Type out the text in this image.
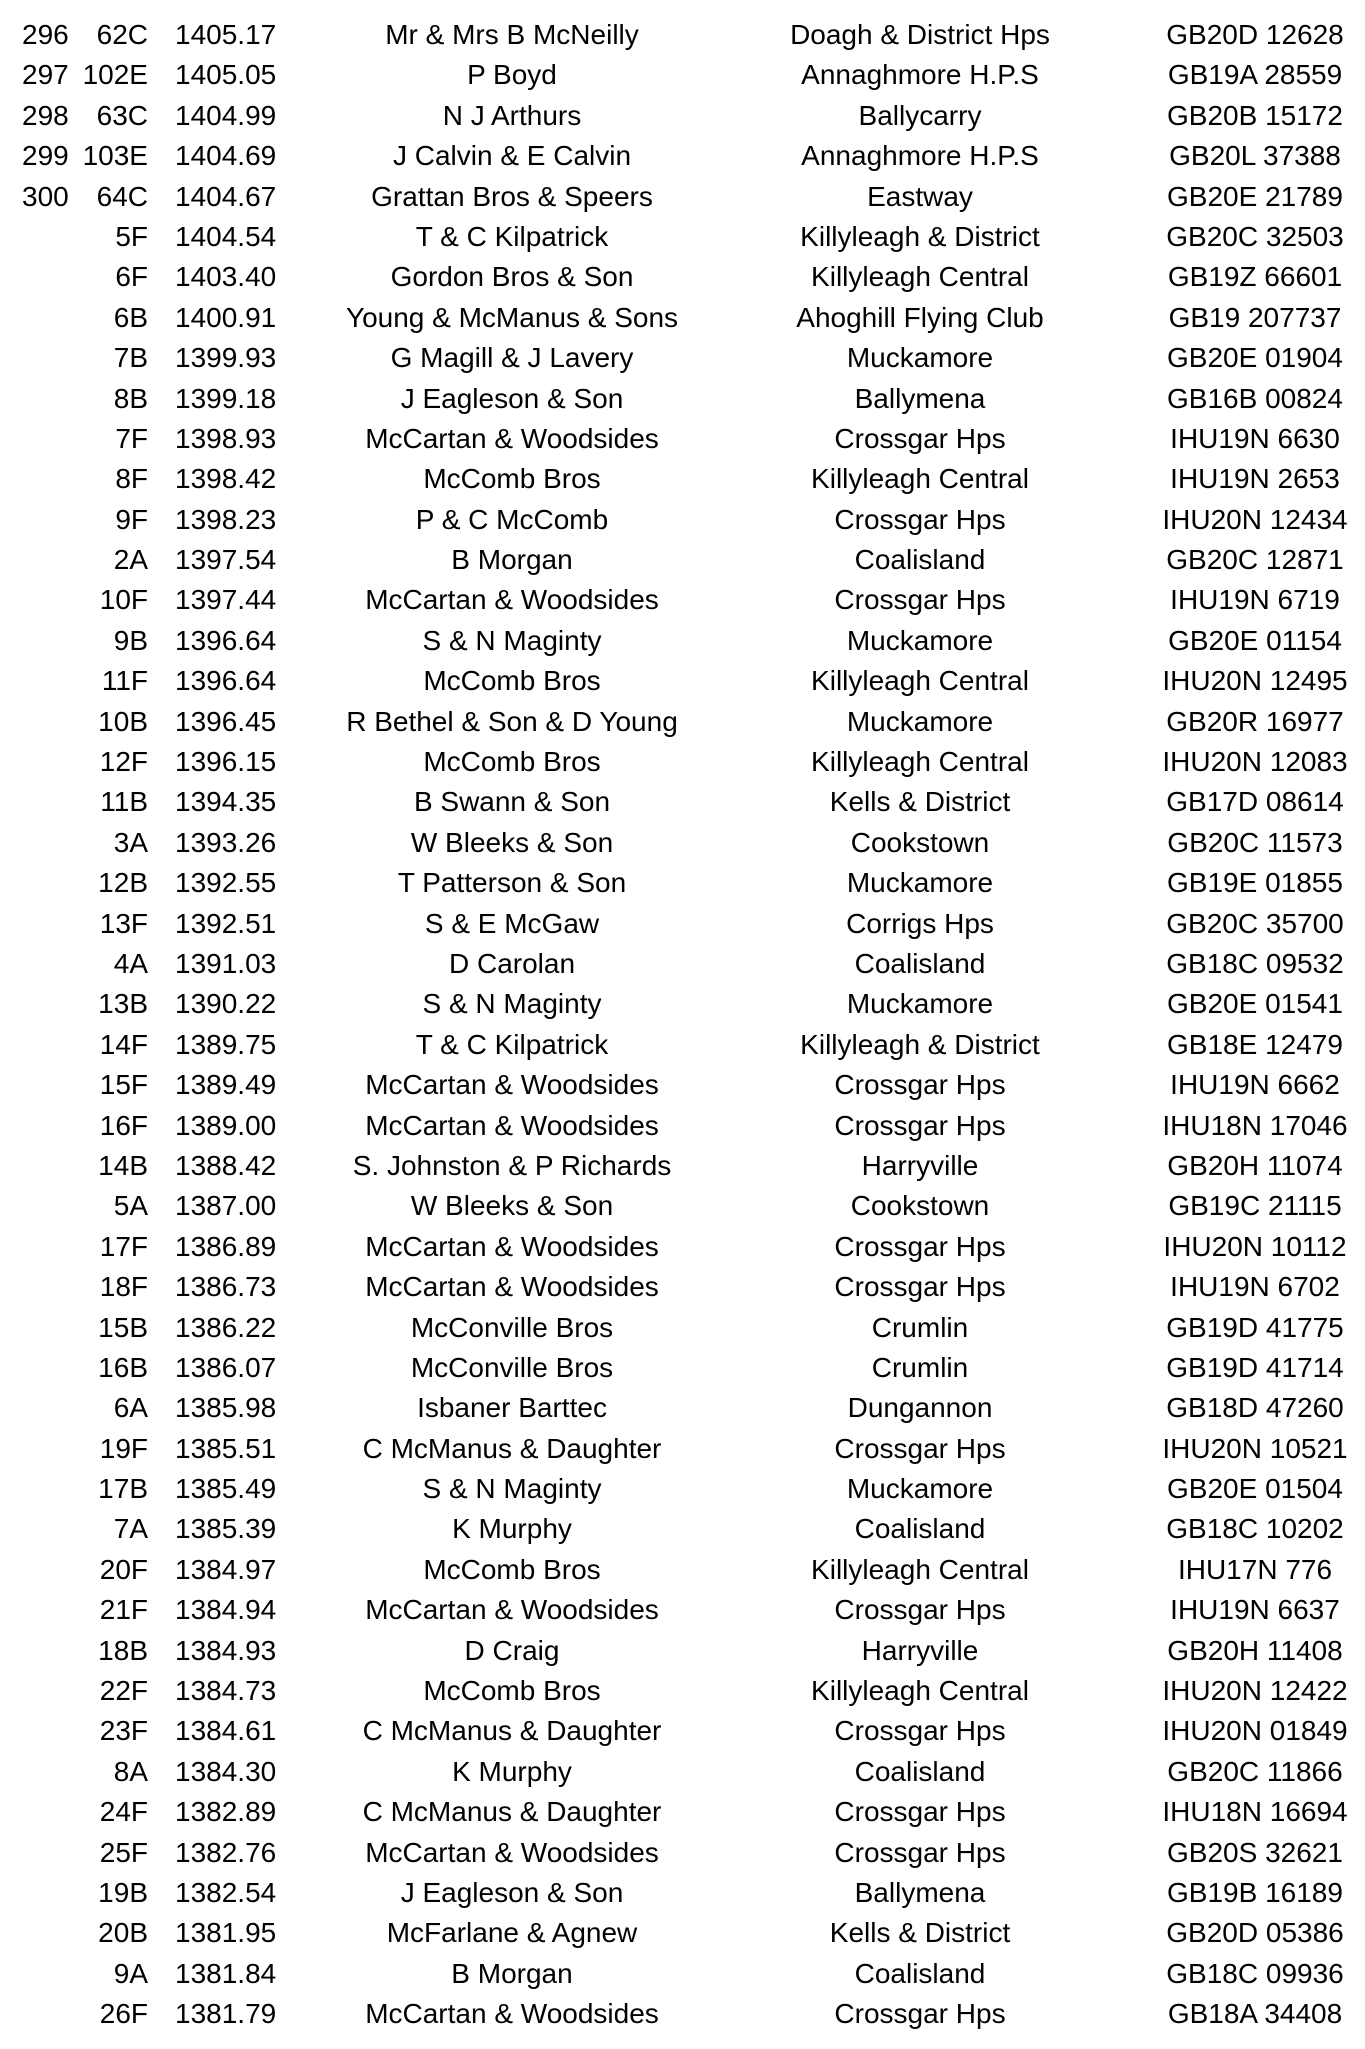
296 62C 1405.17	Mr & Mrs B McNeilly	Doagh & District Hps	GB20D 12628
297 102E 1405.05	P Boyd	Annaghmore H.P.S	GB19A 28559
298 63C 1404.99	N J Arthurs	Ballycarry	GB20B 15172
299 103E 1404.69	J Calvin & E Calvin	Annaghmore H.P.S	GB20L 37388
300 64C 1404.67	Grattan Bros & Speers	Eastway	GB20E 21789
5F 1404.54	T & C Kilpatrick	Killyleagh & District	GB20C 32503
6F 1403.40	Gordon Bros & Son	Killyleagh Central	GB19Z 66601
6B 1400.91	Young & McManus & Sons	Ahoghill Flying Club	GB19 207737
7B 1399.93	G Magill & J Lavery	Muckamore	GB20E 01904
8B 1399.18	J Eagleson & Son	Ballymena	GB16B 00824
7F 1398.93	McCartan & Woodsides	Crossgar Hps	IHU19N 6630
8F 1398.42	McComb Bros	Killyleagh Central	IHU19N 2653
9F 1398.23	P & C McComb	Crossgar Hps	IHU20N 12434
2A 1397.54	B Morgan	Coalisland	GB20C 12871
10F 1397.44	McCartan & Woodsides	Crossgar Hps	IHU19N 6719
9B 1396.64	S & N Maginty	Muckamore	GB20E 01154
11F 1396.64	McComb Bros	Killyleagh Central	IHU20N 12495
10B 1396.45	R Bethel & Son & D Young	Muckamore	GB20R 16977
12F 1396.15	McComb Bros	Killyleagh Central	IHU20N 12083
11B 1394.35	B Swann & Son	Kells & District	GB17D 08614
3A 1393.26	W Bleeks & Son	Cookstown	GB20C 11573
12B 1392.55	T Patterson & Son	Muckamore	GB19E 01855
13F 1392.51	S & E McGaw	Corrigs Hps	GB20C 35700
4A 1391.03	D Carolan	Coalisland	GB18C 09532
13B 1390.22	S & N Maginty	Muckamore	GB20E 01541
14F 1389.75	T & C Kilpatrick	Killyleagh & District	GB18E 12479
15F 1389.49	McCartan & Woodsides	Crossgar Hps	IHU19N 6662
16F 1389.00	McCartan & Woodsides	Crossgar Hps	IHU18N 17046
14B 1388.42	S. Johnston & P Richards	Harryville	GB20H 11074
5A 1387.00	W Bleeks & Son	Cookstown	GB19C 21115
17F 1386.89	McCartan & Woodsides	Crossgar Hps	IHU20N 10112
18F 1386.73	McCartan & Woodsides	Crossgar Hps	IHU19N 6702
15B 1386.22	McConville Bros	Crumlin	GB19D 41775
16B 1386.07	McConville Bros	Crumlin	GB19D 41714
6A 1385.98	Isbaner Barttec	Dungannon	GB18D 47260
19F 1385.51	C McManus & Daughter	Crossgar Hps	IHU20N 10521
17B 1385.49	S & N Maginty	Muckamore	GB20E 01504
7A 1385.39	K Murphy	Coalisland	GB18C 10202
20F 1384.97	McComb Bros	Killyleagh Central	IHU17N 776
21F 1384.94	McCartan & Woodsides	Crossgar Hps	IHU19N 6637
18B 1384.93	D Craig	Harryville	GB20H 11408
22F 1384.73	McComb Bros	Killyleagh Central	IHU20N 12422
23F 1384.61	C McManus & Daughter	Crossgar Hps	IHU20N 01849
8A 1384.30	K Murphy	Coalisland	GB20C 11866
24F 1382.89	C McManus & Daughter	Crossgar Hps	IHU18N 16694
25F 1382.76	McCartan & Woodsides	Crossgar Hps	GB20S 32621
19B 1382.54	J Eagleson & Son	Ballymena	GB19B 16189
20B 1381.95	McFarlane & Agnew	Kells & District	GB20D 05386
9A 1381.84	B Morgan	Coalisland	GB18C 09936
26F 1381.79	McCartan & Woodsides	Crossgar Hps	GB18A 34408
